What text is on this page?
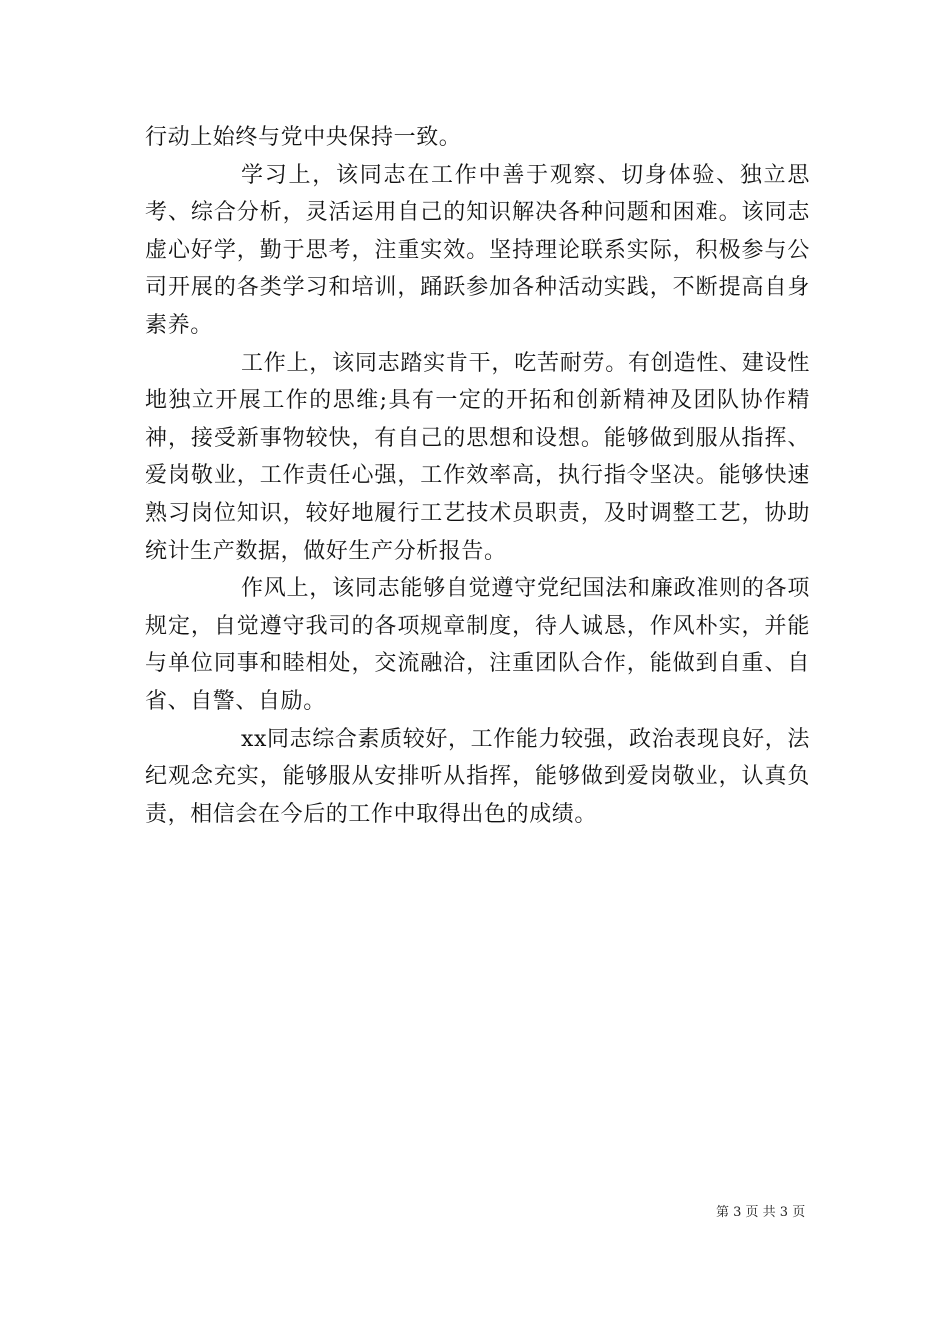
行动上始终与党中央保持一致。

学习上，该同志在工作中善于观察、切身体验、独立思考、综合分析，灵活运用自己的知识解决各种问题和困难。该同志虚心好学，勤于思考，注重实效。坚持理论联系实际，积极参与公司开展的各类学习和培训，踊跃参加各种活动实践，不断提高自身素养。

工作上，该同志踏实肯干，吃苦耐劳。有创造性、建设性地独立开展工作的思维;具有一定的开拓和创新精神及团队协作精神，接受新事物较快，有自己的思想和设想。能够做到服从指挥、爱岗敬业，工作责任心强，工作效率高，执行指令坚决。能够快速熟习岗位知识，较好地履行工艺技术员职责，及时调整工艺，协助统计生产数据，做好生产分析报告。

作风上，该同志能够自觉遵守党纪国法和廉政准则的各项规定，自觉遵守我司的各项规章制度，待人诚恳，作风朴实，并能与单位同事和睦相处，交流融洽，注重团队合作，能做到自重、自省、自警、自励。

xx同志综合素质较好，工作能力较强，政治表现良好，法纪观念充实，能够服从安排听从指挥，能够做到爱岗敬业，认真负责，相信会在今后的工作中取得出色的成绩。

第 3 页 共 3 页
